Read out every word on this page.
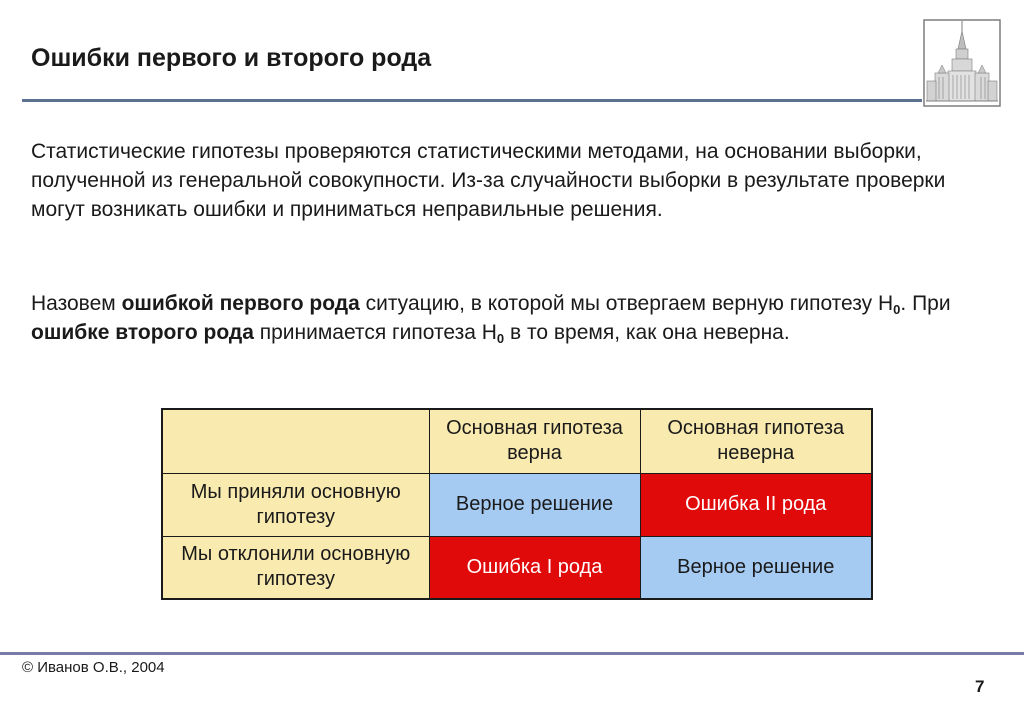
Ошибки первого и второго рода
Статистические гипотезы проверяются статистическими методами, на основании выборки, полученной из генеральной совокупности. Из-за случайности выборки в результате проверки могут возникать ошибки и приниматься неправильные решения.
Назовем ошибкой первого рода ситуацию, в которой мы отвергаем верную гипотезу $H_0$. При ошибке второго рода принимается гипотеза $H_0$ в то время, как она неверна.
	Основная гипотеза верна	Основная гипотеза неверна
Мы приняли основную гипотезу	Верное решение	Ошибка II рода
Мы отклонили основную гипотезу	Ошибка I рода	Верное решение
© Иванов О.В., 2004
7
